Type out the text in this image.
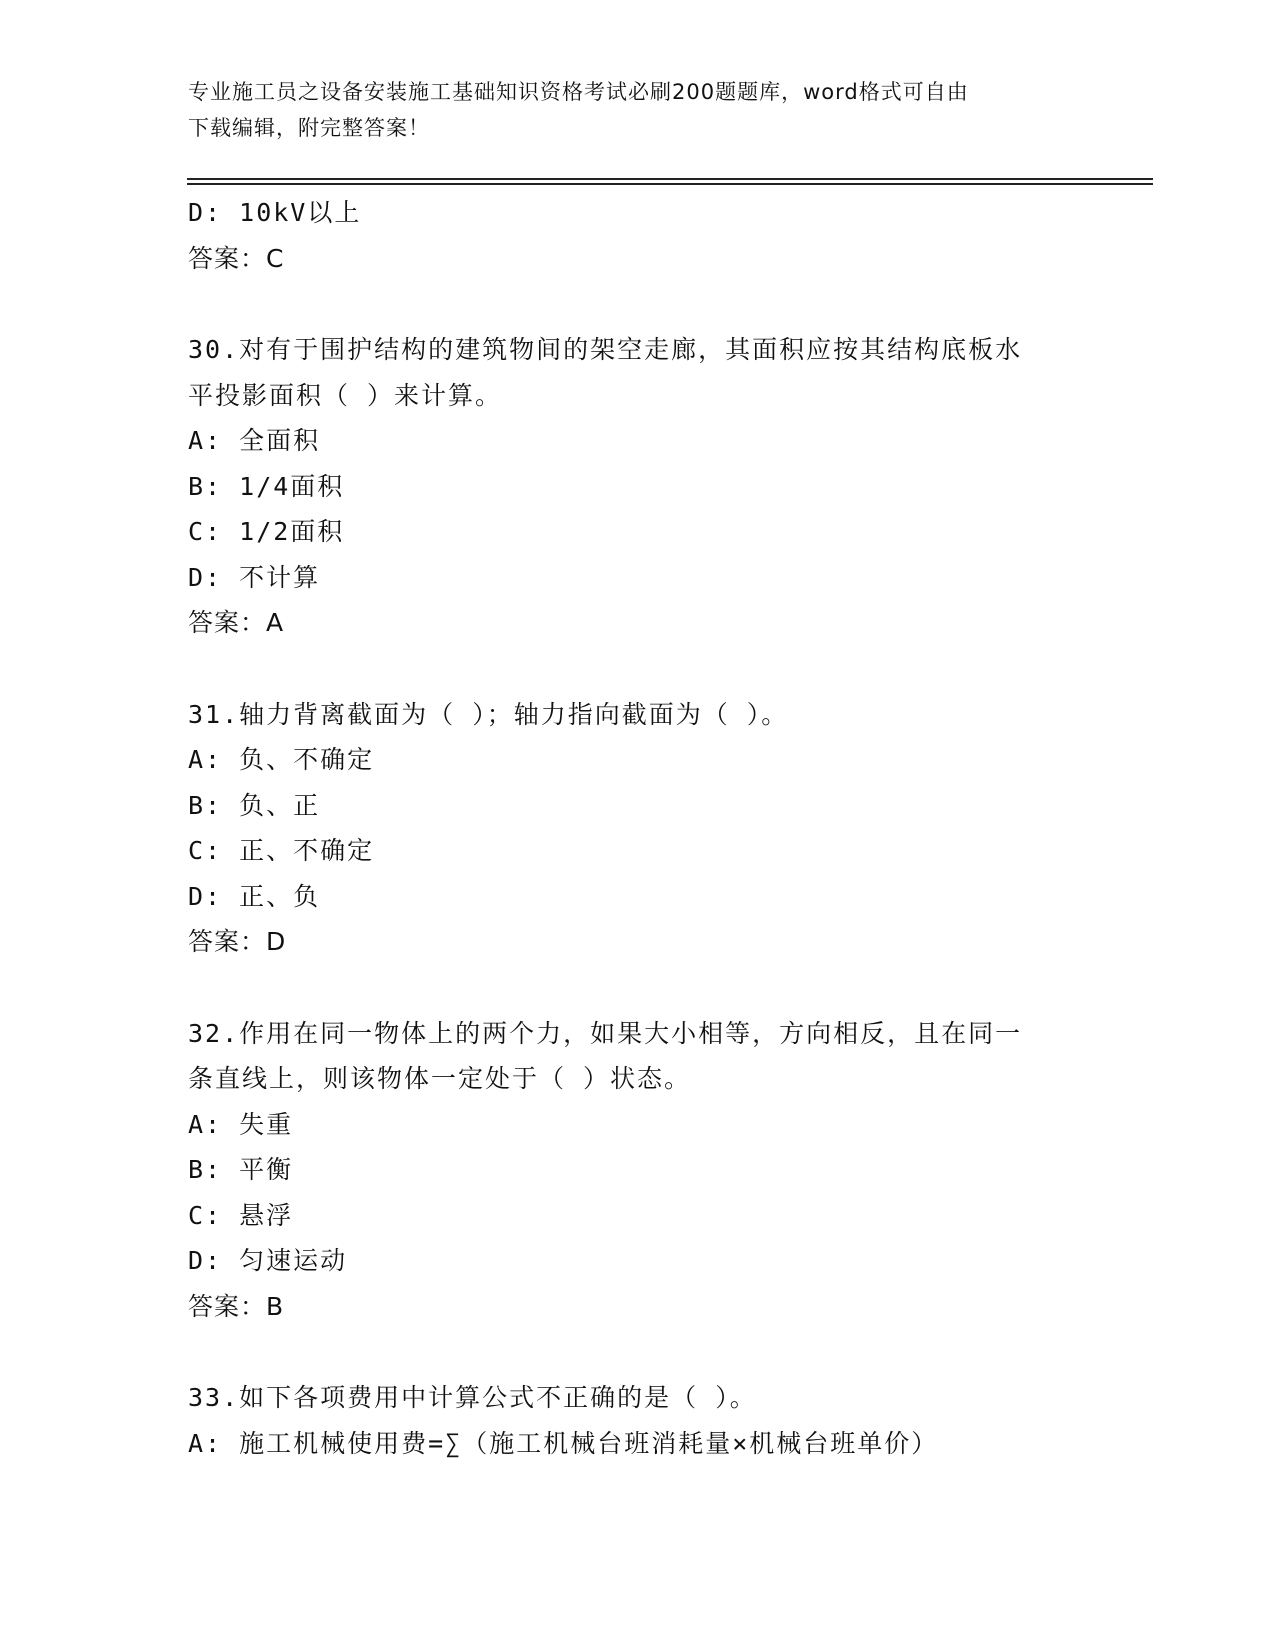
专业施工员之设备安装施工基础知识资格考试必刷200题题库，word格式可自由
下载编辑，附完整答案！
D: 10kV以上
答案：C
30.对有于围护结构的建筑物间的架空走廊，其面积应按其结构底板水
平投影面积（ ）来计算。
A: 全面积
B: 1/4面积
C: 1/2面积
D: 不计算
答案：A
31.轴力背离截面为（ ）；轴力指向截面为（ ）。
A: 负、不确定
B: 负、正
C: 正、不确定
D: 正、负
答案：D
32.作用在同一物体上的两个力，如果大小相等，方向相反，且在同一
条直线上，则该物体一定处于（ ）状态。
A: 失重
B: 平衡
C: 悬浮
D: 匀速运动
答案：B
33.如下各项费用中计算公式不正确的是（ ）。
A: 施工机械使用费=∑（施工机械台班消耗量×机械台班单价）
